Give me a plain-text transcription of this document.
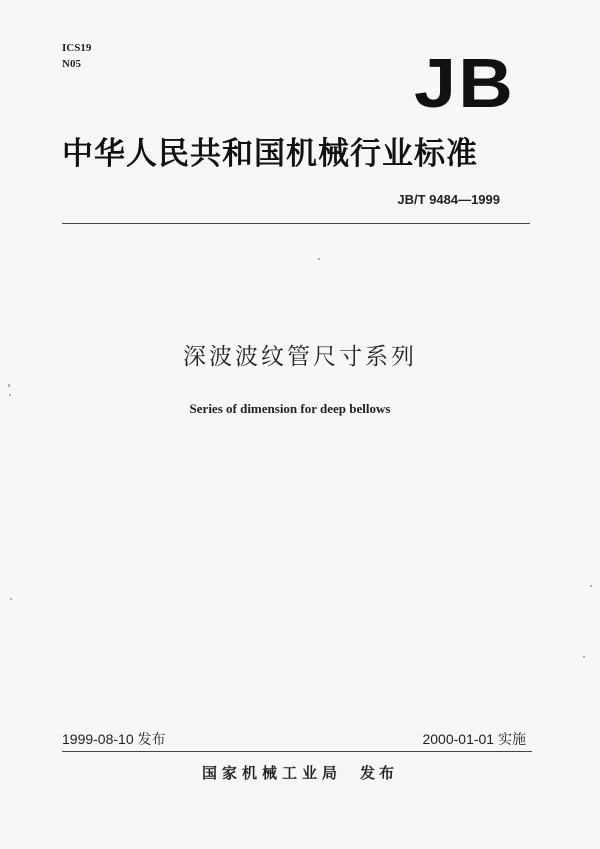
ICS19
N05	JB
中华人民共和国机械行业标准
JB/T 9484—1999
深波波纹管尺寸系列
Series of dimension for deep bellows
1999-08-10 发布	2000-01-01 实施
国家机械工业局 发布
